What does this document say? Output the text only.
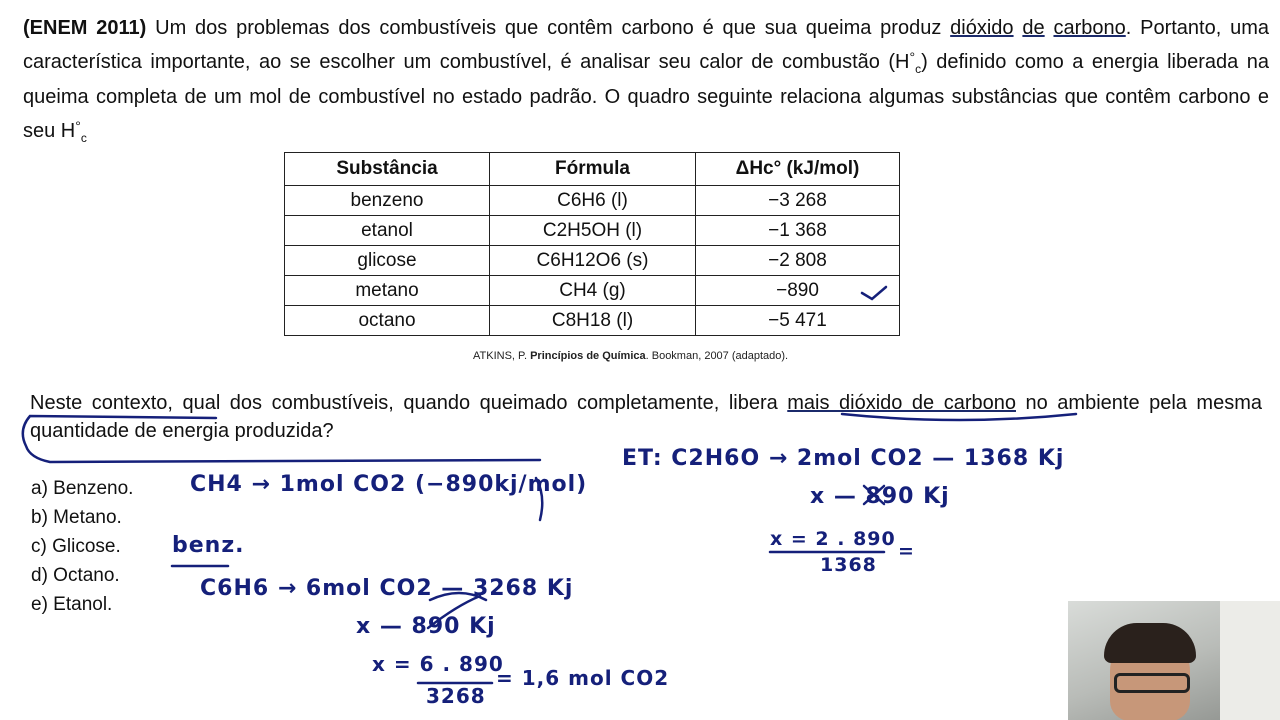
(ENEM 2011) Um dos problemas dos combustíveis que contêm carbono é que sua queima produz dióxido de carbono. Portanto, uma característica importante, ao se escolher um combustível, é analisar seu calor de combustão $(H^\circ_c)$ definido como a energia liberada na queima completa de um mol de combustível no estado padrão. O quadro seguinte relaciona algumas substâncias que contêm carbono e seu $H^\circ_c$
Substância	Fórmula	ΔHc° (kJ/mol)
benzeno	C6H6 (l)	−3 268
etanol	C2H5OH (l)	−1 368
glicose	C6H12O6 (s)	−2 808
metano	CH4 (g)	−890
octano	C8H18 (l)	−5 471
ATKINS, P. Princípios de Química. Bookman, 2007 (adaptado).
Neste contexto, qual dos combustíveis, quando queimado completamente, libera mais dióxido de carbono no ambiente pela mesma quantidade de energia produzida?
a) Benzeno.
b) Metano.
c) Glicose.
d) Octano.
e) Etanol.
CH4 → 1mol CO2 (−890kj/mol)
benz.
C6H6 → 6mol CO2 — 3268 Kj
x — 890 Kj
x = 6 . 890
3268
= 1,6 mol CO2
ET: C2H6O → 2mol CO2 — 1368 Kj
x — 890 Kj
x = 2 . 890
1368
=
